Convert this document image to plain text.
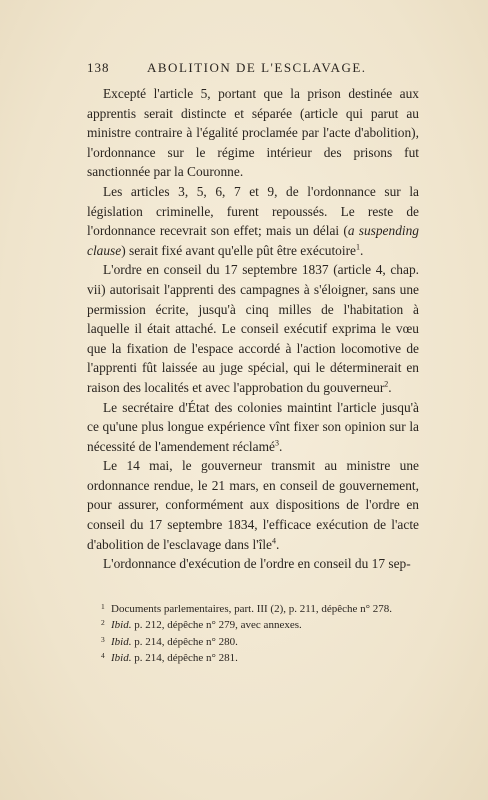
138	ABOLITION DE L'ESCLAVAGE.

Excepté l'article 5, portant que la prison destinée aux apprentis serait distincte et séparée (article qui parut au ministre contraire à l'égalité proclamée par l'acte d'abolition), l'ordonnance sur le régime intérieur des prisons fut sanctionnée par la Couronne.

Les articles 3, 5, 6, 7 et 9, de l'ordonnance sur la législation criminelle, furent repoussés. Le reste de l'ordonnance recevrait son effet; mais un délai (a suspending clause) serait fixé avant qu'elle pût être exécutoire$^1$.

L'ordre en conseil du 17 septembre 1837 (article 4, chap. vii) autorisait l'apprenti des campagnes à s'éloigner, sans une permission écrite, jusqu'à cinq milles de l'habitation à laquelle il était attaché. Le conseil exécutif exprima le vœu que la fixation de l'espace accordé à l'action locomotive de l'apprenti fût laissée au juge spécial, qui le déterminerait en raison des localités et avec l'approbation du gouverneur$^2$.

Le secrétaire d'État des colonies maintint l'article jusqu'à ce qu'une plus longue expérience vînt fixer son opinion sur la nécessité de l'amendement réclamé$^3$.

Le 14 mai, le gouverneur transmit au ministre une ordonnance rendue, le 21 mars, en conseil de gouvernement, pour assurer, conformément aux dispositions de l'ordre en conseil du 17 septembre 1834, l'efficace exécution de l'acte d'abolition de l'esclavage dans l'île$^4$.

L'ordonnance d'exécution de l'ordre en conseil du 17 sep-

1 Documents parlementaires, part. III (2), p. 211, dépêche n° 278.
2 Ibid. p. 212, dépêche n° 279, avec annexes.
3 Ibid. p. 214, dépêche n° 280.
4 Ibid. p. 214, dépêche n° 281.
